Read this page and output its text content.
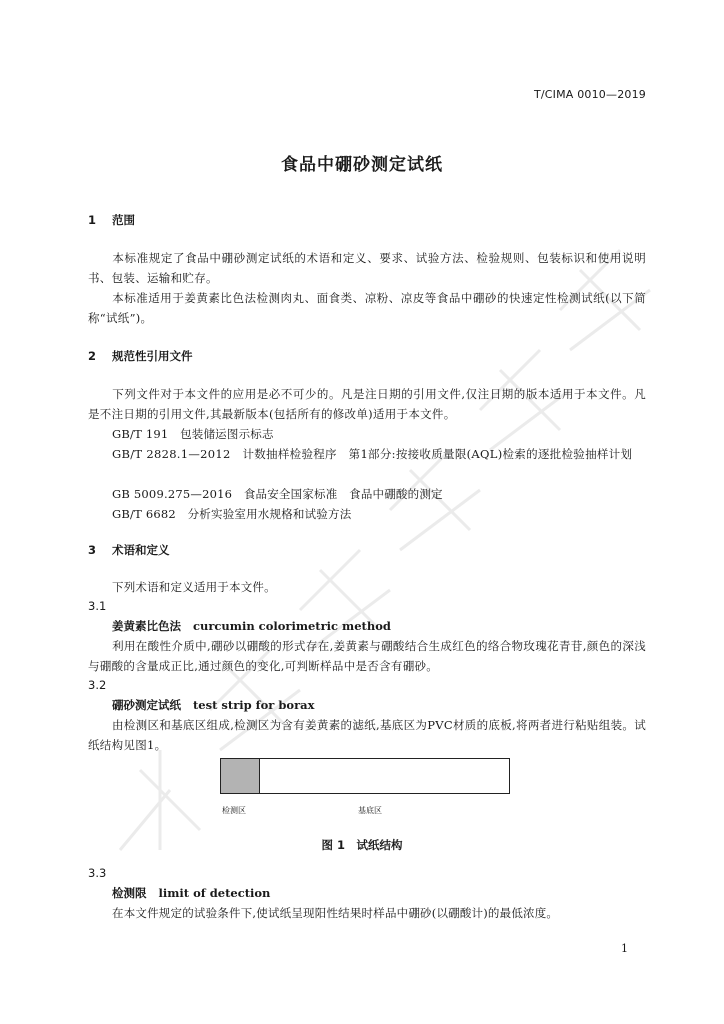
T/CIMA 0010—2019
食品中硼砂测定试纸
1 范围
本标准规定了食品中硼砂测定试纸的术语和定义、要求、试验方法、检验规则、包装标识和使用说明书、包装、运输和贮存。
本标准适用于姜黄素比色法检测肉丸、面食类、凉粉、凉皮等食品中硼砂的快速定性检测试纸(以下简称“试纸”)。
2 规范性引用文件
下列文件对于本文件的应用是必不可少的。凡是注日期的引用文件,仅注日期的版本适用于本文件。凡是不注日期的引用文件,其最新版本(包括所有的修改单)适用于本文件。
GB/T 191　包装储运图示标志
GB/T 2828.1—2012　计数抽样检验程序　第1部分:按接收质量限(AQL)检索的逐批检验抽样计划
GB 5009.275—2016　食品安全国家标准　食品中硼酸的测定
GB/T 6682　分析实验室用水规格和试验方法
3 术语和定义
下列术语和定义适用于本文件。
3.1
姜黄素比色法 curcumin colorimetric method
利用在酸性介质中,硼砂以硼酸的形式存在,姜黄素与硼酸结合生成红色的络合物玫瑰花青苷,颜色的深浅与硼酸的含量成正比,通过颜色的变化,可判断样品中是否含有硼砂。
3.2
硼砂测定试纸 test strip for borax
由检测区和基底区组成,检测区为含有姜黄素的滤纸,基底区为PVC材质的底板,将两者进行粘贴组装。试纸结构见图1。
检测区	基底区
图 1　试纸结构
3.3
检测限 limit of detection
在本文件规定的试验条件下,使试纸呈现阳性结果时样品中硼砂(以硼酸计)的最低浓度。
1
